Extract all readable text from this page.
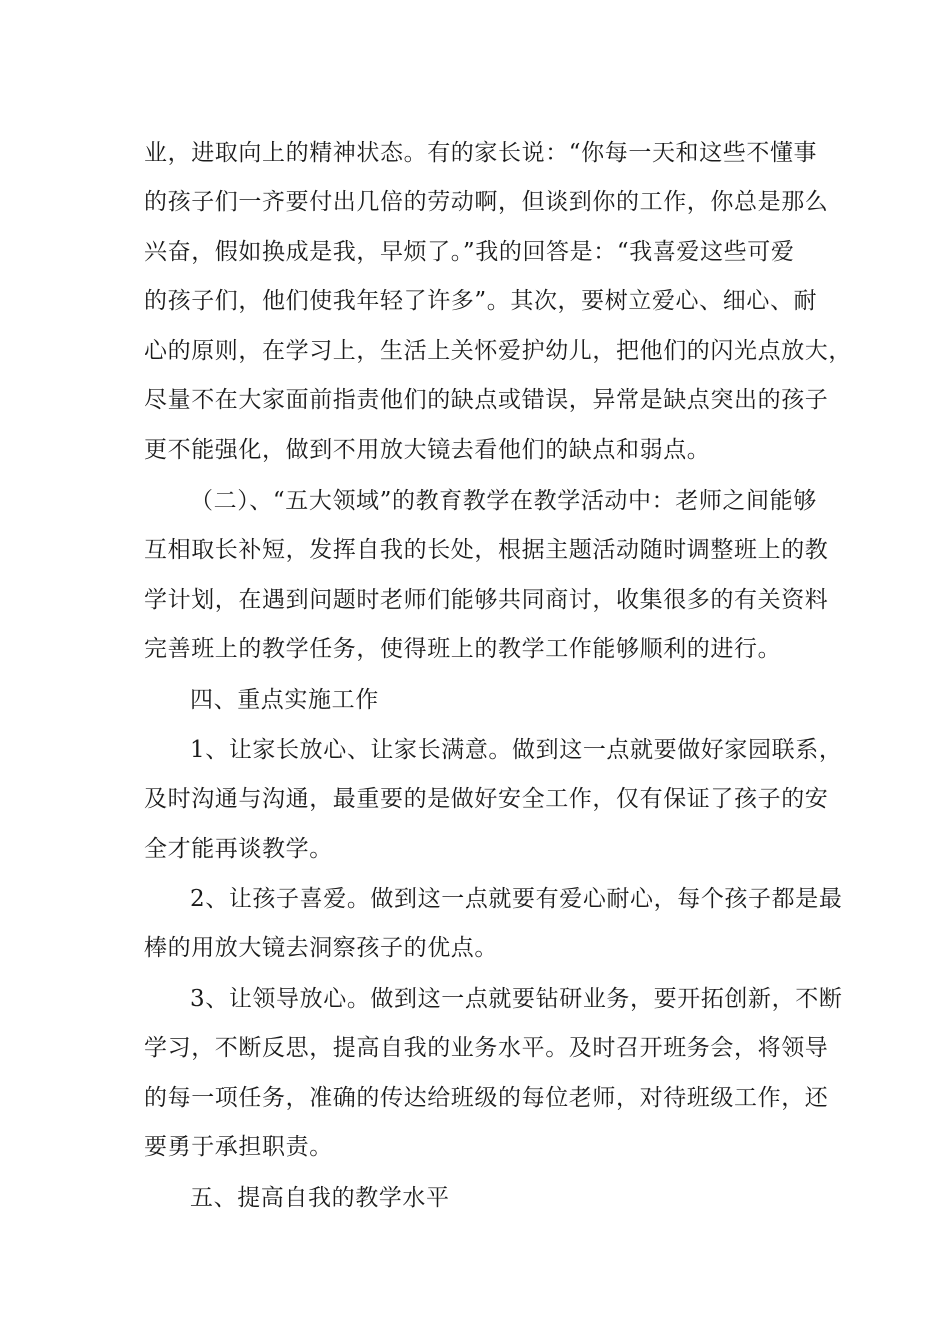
业，进取向上的精神状态。有的家长说：“你每一天和这些不懂事
的孩子们一齐要付出几倍的劳动啊，但谈到你的工作，你总是那么
兴奋，假如换成是我，早烦了。”我的回答是：“我喜爱这些可爱
的孩子们，他们使我年轻了许多”。其次，要树立爱心、细心、耐
心的原则，在学习上，生活上关怀爱护幼儿，把他们的闪光点放大，
尽量不在大家面前指责他们的缺点或错误，异常是缺点突出的孩子
更不能强化，做到不用放大镜去看他们的缺点和弱点。
（二）、“五大领域”的教育教学在教学活动中：老师之间能够
互相取长补短，发挥自我的长处，根据主题活动随时调整班上的教
学计划，在遇到问题时老师们能够共同商讨，收集很多的有关资料
完善班上的教学任务，使得班上的教学工作能够顺利的进行。
四、重点实施工作
1、让家长放心、让家长满意。做到这一点就要做好家园联系，
及时沟通与沟通，最重要的是做好安全工作，仅有保证了孩子的安
全才能再谈教学。
2、让孩子喜爱。做到这一点就要有爱心耐心，每个孩子都是最
棒的用放大镜去洞察孩子的优点。
3、让领导放心。做到这一点就要钻研业务，要开拓创新，不断
学习，不断反思，提高自我的业务水平。及时召开班务会，将领导
的每一项任务，准确的传达给班级的每位老师，对待班级工作，还
要勇于承担职责。
五、提高自我的教学水平
